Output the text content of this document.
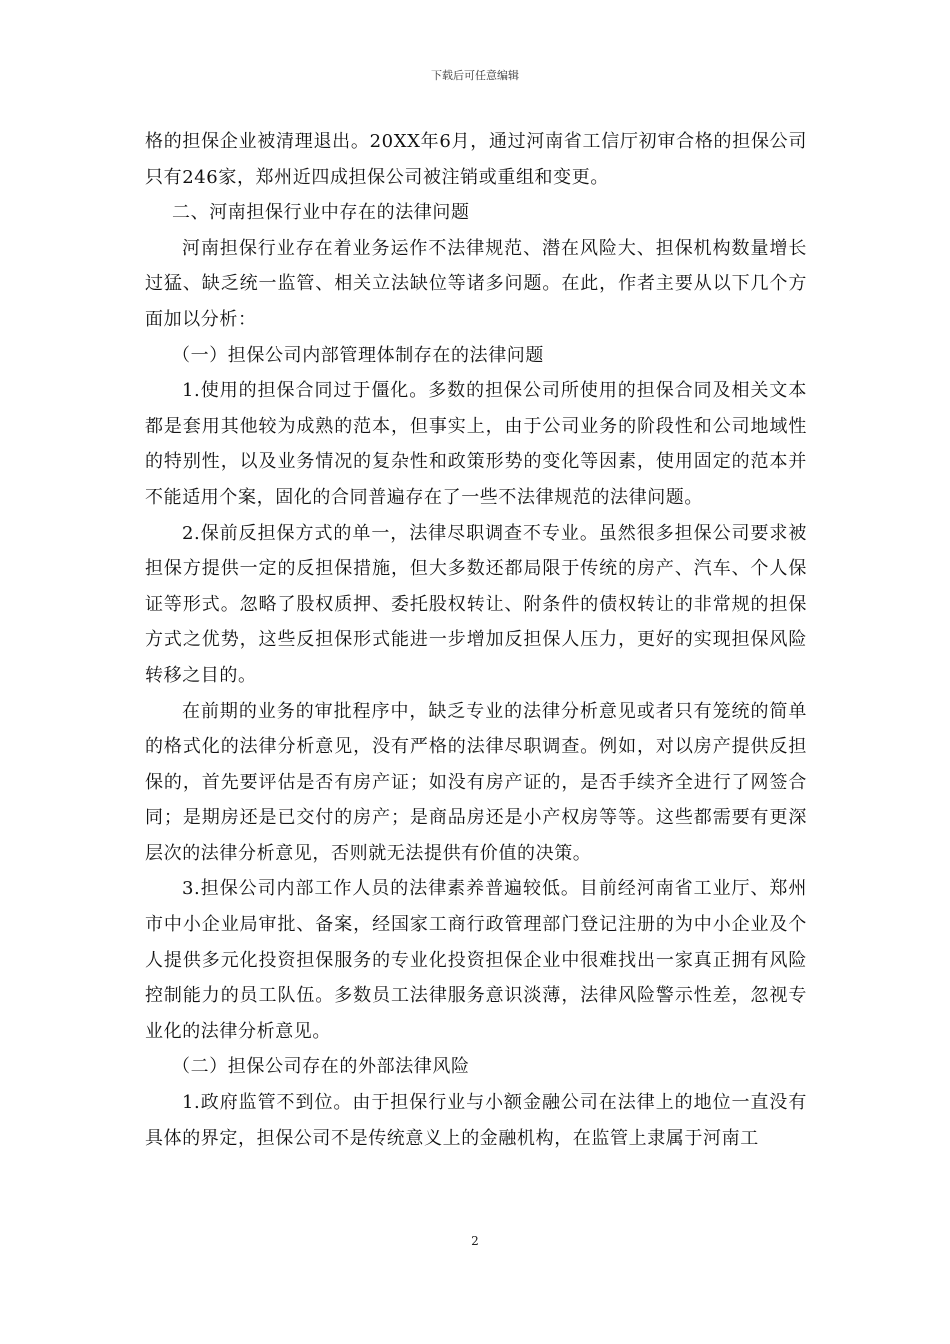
下载后可任意编辑

格的担保企业被清理退出。20XX年6月，通过河南省工信厅初审合格的担保公司只有246家，郑州近四成担保公司被注销或重组和变更。

二、河南担保行业中存在的法律问题

河南担保行业存在着业务运作不法律规范、潜在风险大、担保机构数量增长过猛、缺乏统一监管、相关立法缺位等诸多问题。在此，作者主要从以下几个方面加以分析：

（一）担保公司内部管理体制存在的法律问题

1.使用的担保合同过于僵化。多数的担保公司所使用的担保合同及相关文本都是套用其他较为成熟的范本，但事实上，由于公司业务的阶段性和公司地域性的特别性，以及业务情况的复杂性和政策形势的变化等因素，使用固定的范本并不能适用个案，固化的合同普遍存在了一些不法律规范的法律问题。

2.保前反担保方式的单一，法律尽职调查不专业。虽然很多担保公司要求被担保方提供一定的反担保措施，但大多数还都局限于传统的房产、汽车、个人保证等形式。忽略了股权质押、委托股权转让、附条件的债权转让的非常规的担保方式之优势，这些反担保形式能进一步增加反担保人压力，更好的实现担保风险转移之目的。

在前期的业务的审批程序中，缺乏专业的法律分析意见或者只有笼统的简单的格式化的法律分析意见，没有严格的法律尽职调查。例如，对以房产提供反担保的，首先要评估是否有房产证；如没有房产证的，是否手续齐全进行了网签合同；是期房还是已交付的房产；是商品房还是小产权房等等。这些都需要有更深层次的法律分析意见，否则就无法提供有价值的决策。

3.担保公司内部工作人员的法律素养普遍较低。目前经河南省工业厅、郑州市中小企业局审批、备案，经国家工商行政管理部门登记注册的为中小企业及个人提供多元化投资担保服务的专业化投资担保企业中很难找出一家真正拥有风险控制能力的员工队伍。多数员工法律服务意识淡薄，法律风险警示性差，忽视专业化的法律分析意见。

（二）担保公司存在的外部法律风险

1.政府监管不到位。由于担保行业与小额金融公司在法律上的地位一直没有具体的界定，担保公司不是传统意义上的金融机构，在监管上隶属于河南工

2
